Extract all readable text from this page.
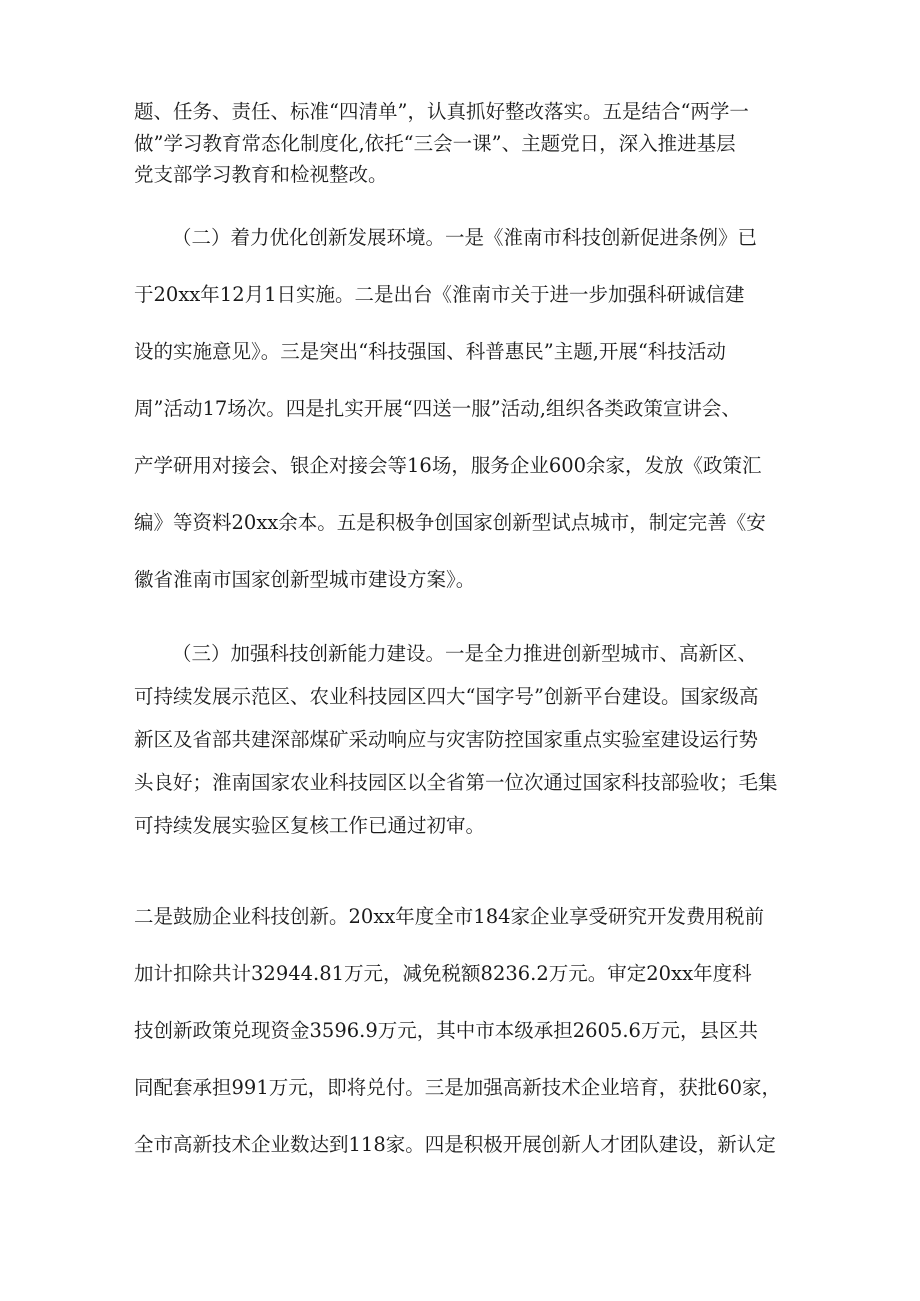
题、任务、责任、标准“四清单”，认真抓好整改落实。五是结合“两学一
做”学习教育常态化制度化,依托“三会一课”、主题党日，深入推进基层
党支部学习教育和检视整改。
（二）着力优化创新发展环境。一是《淮南市科技创新促进条例》已
于20xx年12月1日实施。二是出台《淮南市关于进一步加强科研诚信建
设的实施意见》。三是突出“科技强国、科普惠民”主题,开展“科技活动
周”活动17场次。四是扎实开展“四送一服”活动,组织各类政策宣讲会、
产学研用对接会、银企对接会等16场，服务企业600余家，发放《政策汇
编》等资料20xx余本。五是积极争创国家创新型试点城市，制定完善《安
徽省淮南市国家创新型城市建设方案》。
（三）加强科技创新能力建设。一是全力推进创新型城市、高新区、
可持续发展示范区、农业科技园区四大“国字号”创新平台建设。国家级高
新区及省部共建深部煤矿采动响应与灾害防控国家重点实验室建设运行势
头良好；淮南国家农业科技园区以全省第一位次通过国家科技部验收；毛集
可持续发展实验区复核工作已通过初审。
二是鼓励企业科技创新。20xx年度全市184家企业享受研究开发费用税前
加计扣除共计32944.81万元，减免税额8236.2万元。审定20xx年度科
技创新政策兑现资金3596.9万元，其中市本级承担2605.6万元，县区共
同配套承担991万元，即将兑付。三是加强高新技术企业培育，获批60家，
全市高新技术企业数达到118家。四是积极开展创新人才团队建设，新认定
